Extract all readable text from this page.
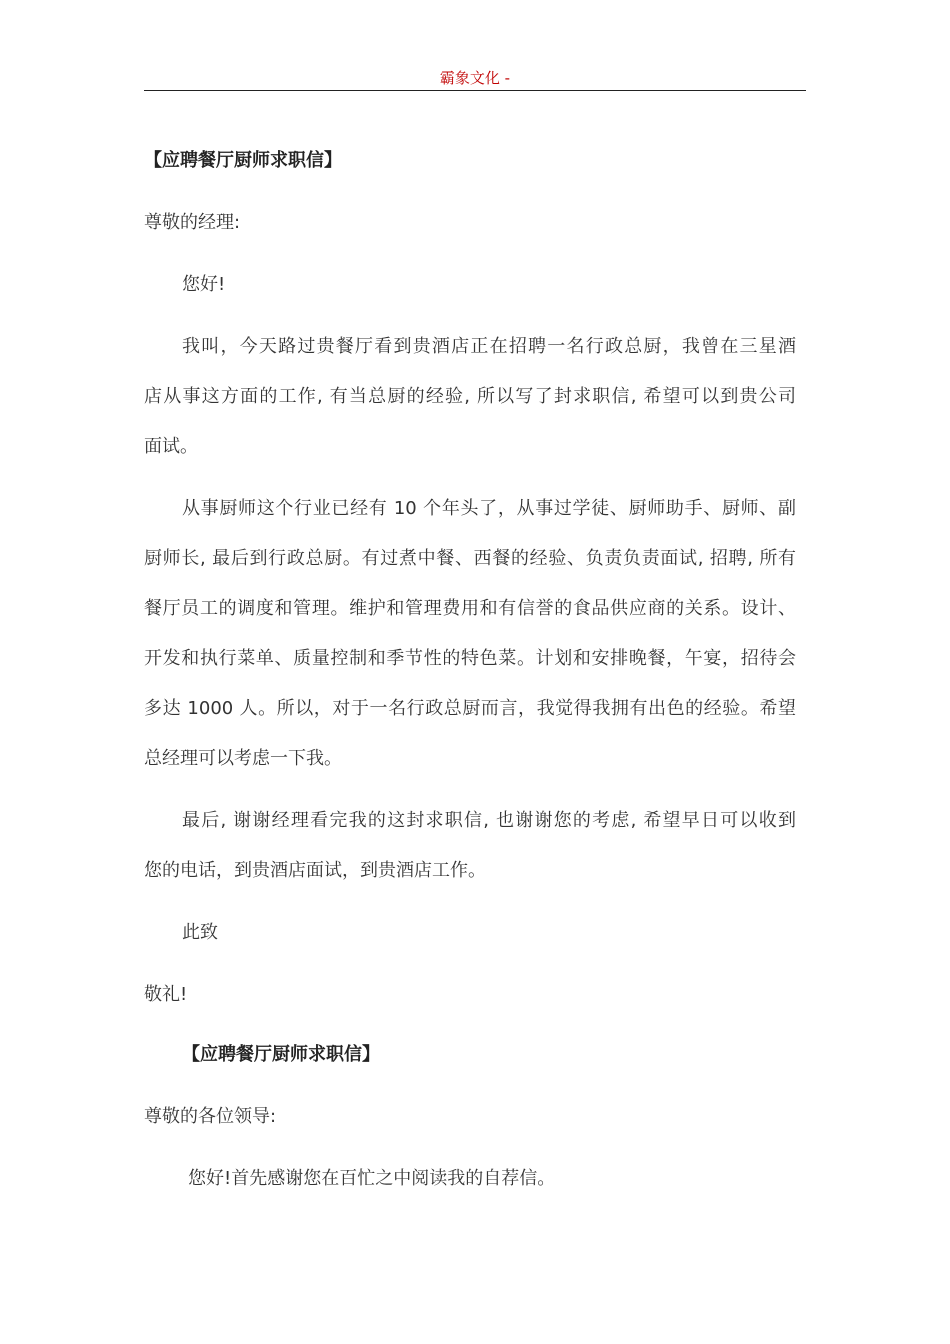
霸象文化 -
【应聘餐厅厨师求职信】
尊敬的经理:
您好!
我叫，今天路过贵餐厅看到贵酒店正在招聘一名行政总厨，我曾在三星酒
店从事这方面的工作, 有当总厨的经验, 所以写了封求职信, 希望可以到贵公司
面试。
从事厨师这个行业已经有 10 个年头了，从事过学徒、厨师助手、厨师、副
厨师长, 最后到行政总厨。有过煮中餐、西餐的经验、负责负责面试, 招聘, 所有
餐厅员工的调度和管理。维护和管理费用和有信誉的食品供应商的关系。设计、
开发和执行菜单、质量控制和季节性的特色菜。计划和安排晚餐，午宴，招待会
多达 1000 人。所以，对于一名行政总厨而言，我觉得我拥有出色的经验。希望
总经理可以考虑一下我。
最后, 谢谢经理看完我的这封求职信, 也谢谢您的考虑, 希望早日可以收到
您的电话，到贵酒店面试，到贵酒店工作。
此致
敬礼!
【应聘餐厅厨师求职信】
尊敬的各位领导:
您好!首先感谢您在百忙之中阅读我的自荐信。
